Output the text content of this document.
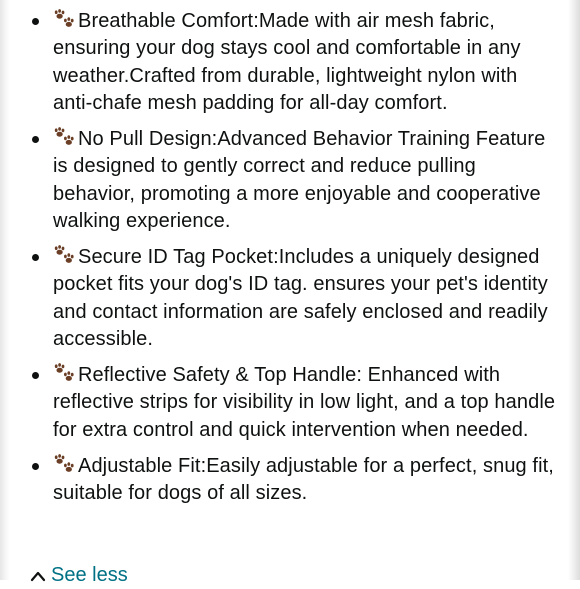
Breathable Comfort:Made with air mesh fabric, ensuring your dog stays cool and comfortable in any weather.Crafted from durable, lightweight nylon with anti-chafe mesh padding for all-day comfort.
No Pull Design:Advanced Behavior Training Feature is designed to gently correct and reduce pulling behavior, promoting a more enjoyable and cooperative walking experience.
Secure ID Tag Pocket:Includes a uniquely designed pocket fits your dog's ID tag. ensures your pet's identity and contact information are safely enclosed and readily accessible.
Reflective Safety & Top Handle: Enhanced with reflective strips for visibility in low light, and a top handle for extra control and quick intervention when needed.
Adjustable Fit:Easily adjustable for a perfect, snug fit, suitable for dogs of all sizes.
See less
